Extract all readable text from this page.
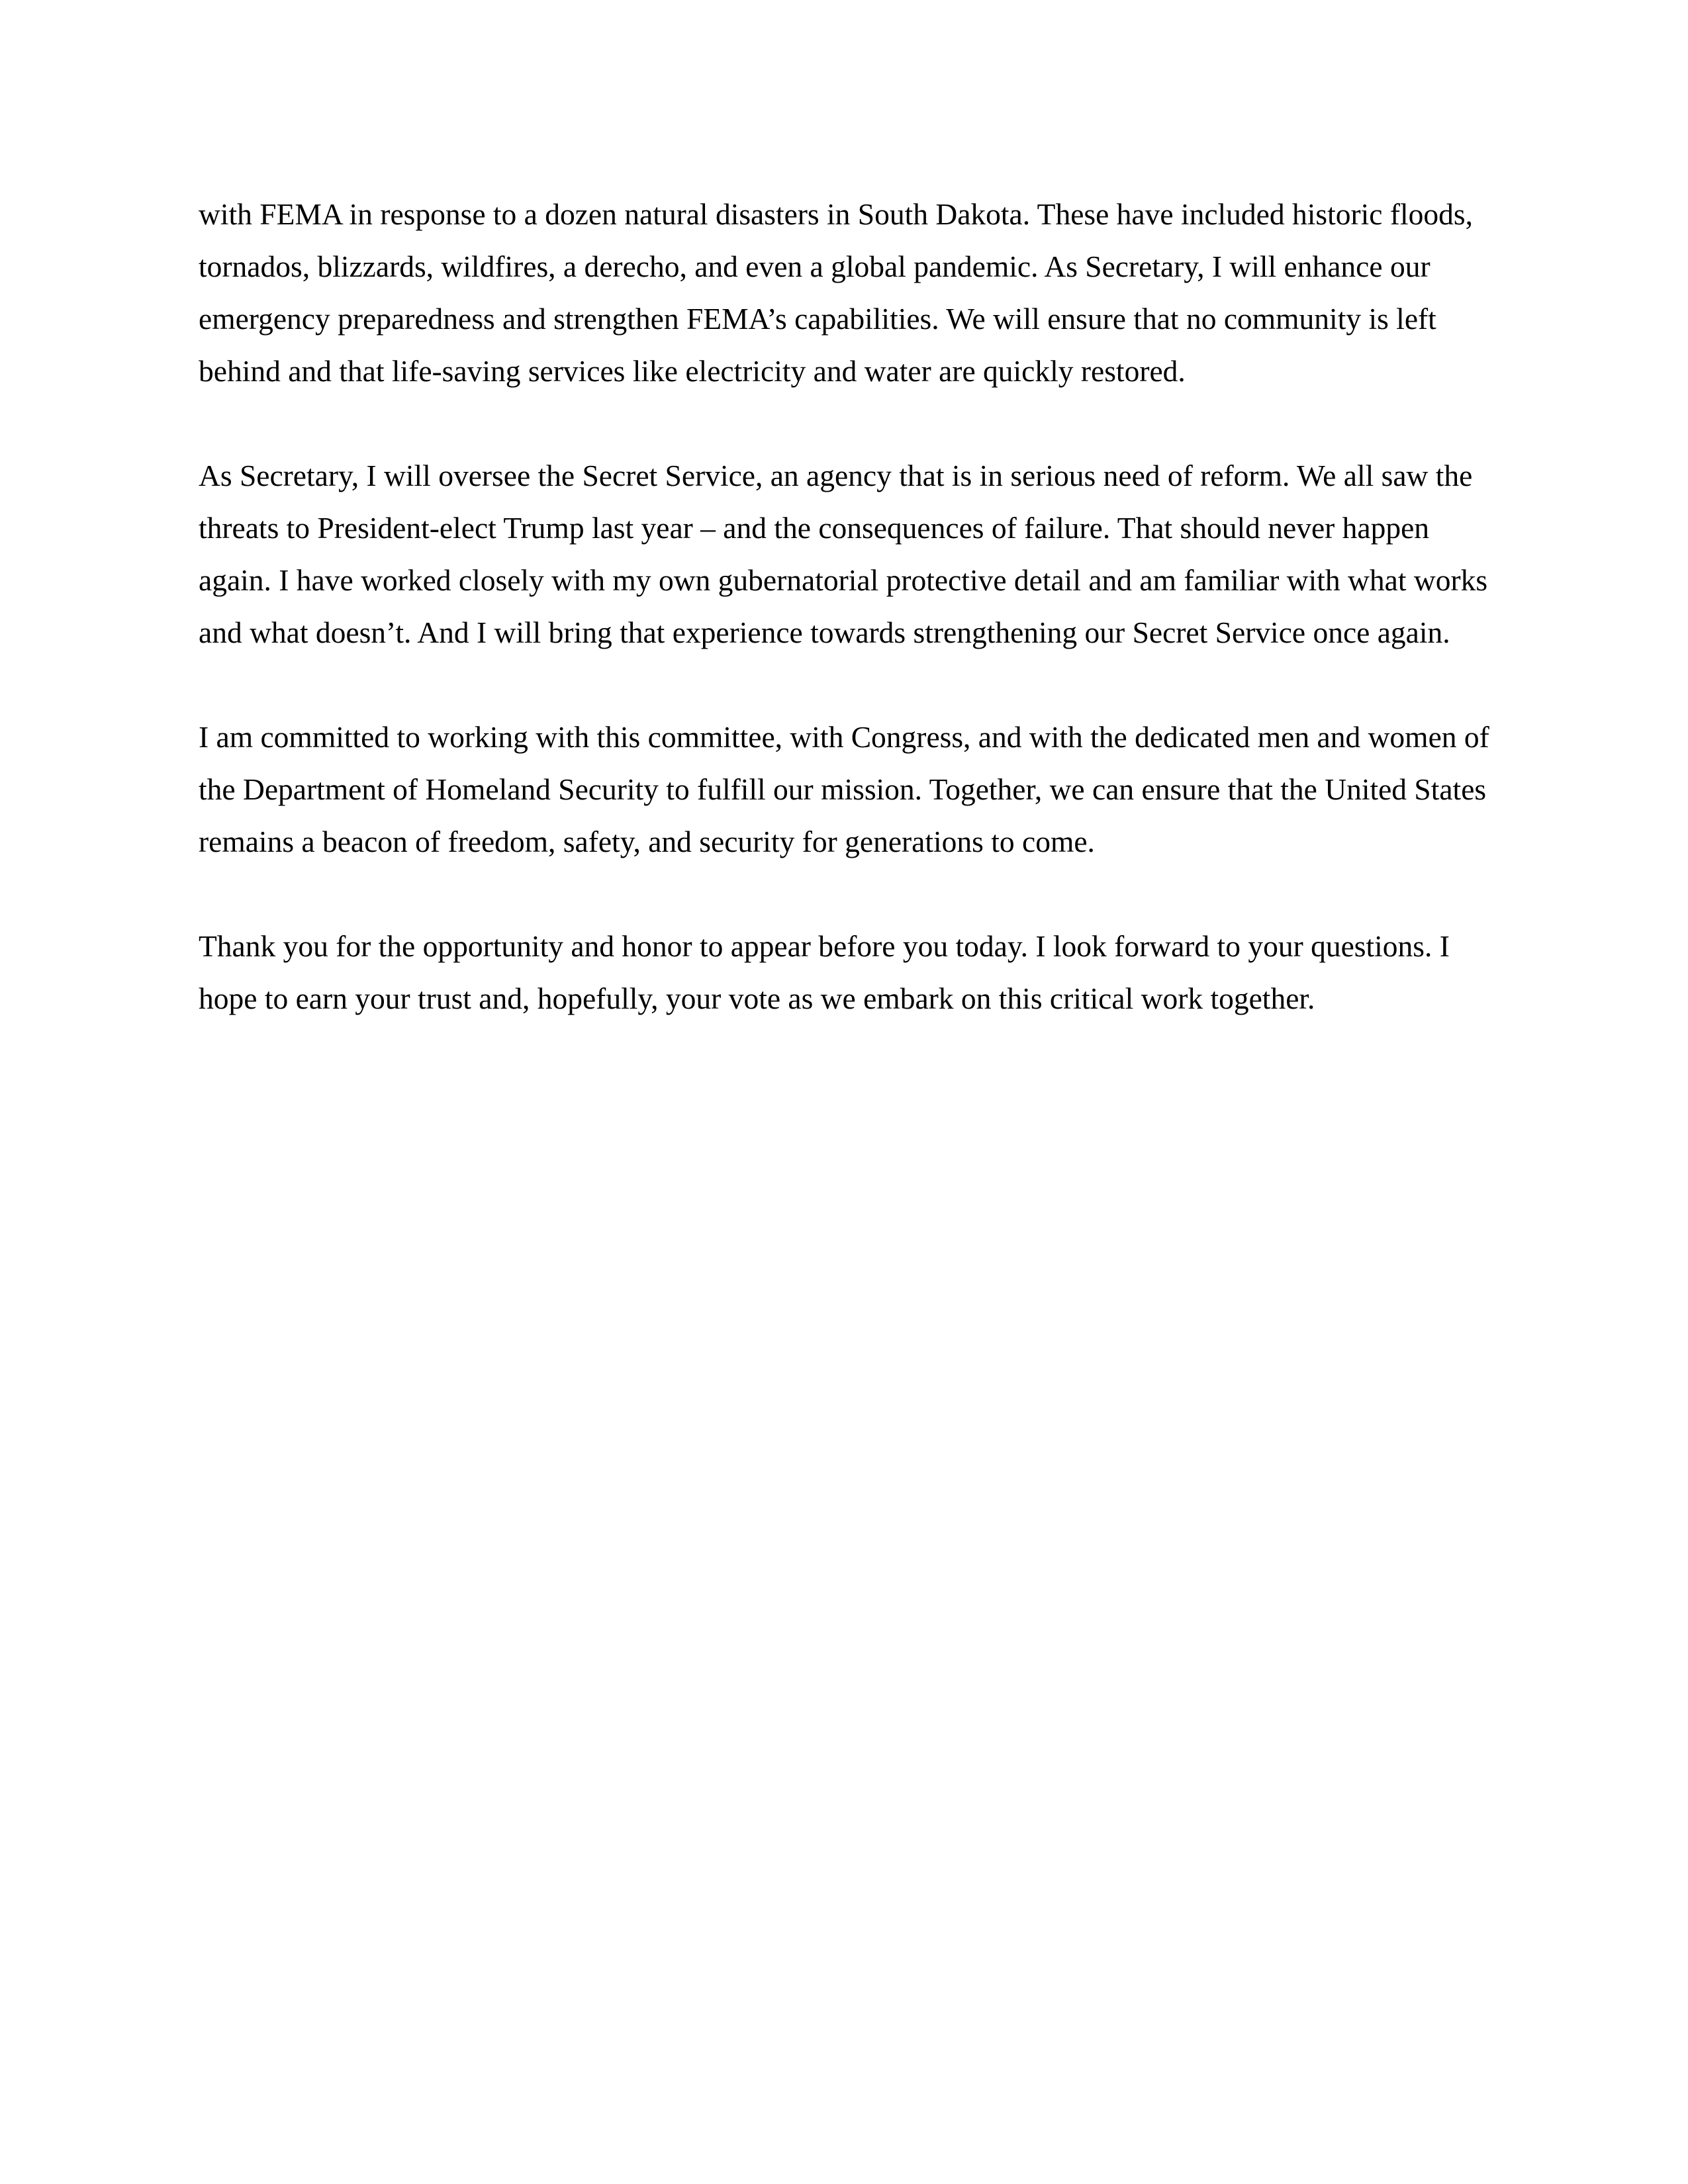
with FEMA in response to a dozen natural disasters in South Dakota. These have included historic floods, tornados, blizzards, wildfires, a derecho, and even a global pandemic. As Secretary, I will enhance our emergency preparedness and strengthen FEMA’s capabilities. We will ensure that no community is left behind and that life-saving services like electricity and water are quickly restored.

As Secretary, I will oversee the Secret Service, an agency that is in serious need of reform. We all saw the threats to President-elect Trump last year – and the consequences of failure. That should never happen again. I have worked closely with my own gubernatorial protective detail and am familiar with what works and what doesn’t. And I will bring that experience towards strengthening our Secret Service once again.

I am committed to working with this committee, with Congress, and with the dedicated men and women of the Department of Homeland Security to fulfill our mission. Together, we can ensure that the United States remains a beacon of freedom, safety, and security for generations to come.

Thank you for the opportunity and honor to appear before you today. I look forward to your questions. I hope to earn your trust and, hopefully, your vote as we embark on this critical work together.
